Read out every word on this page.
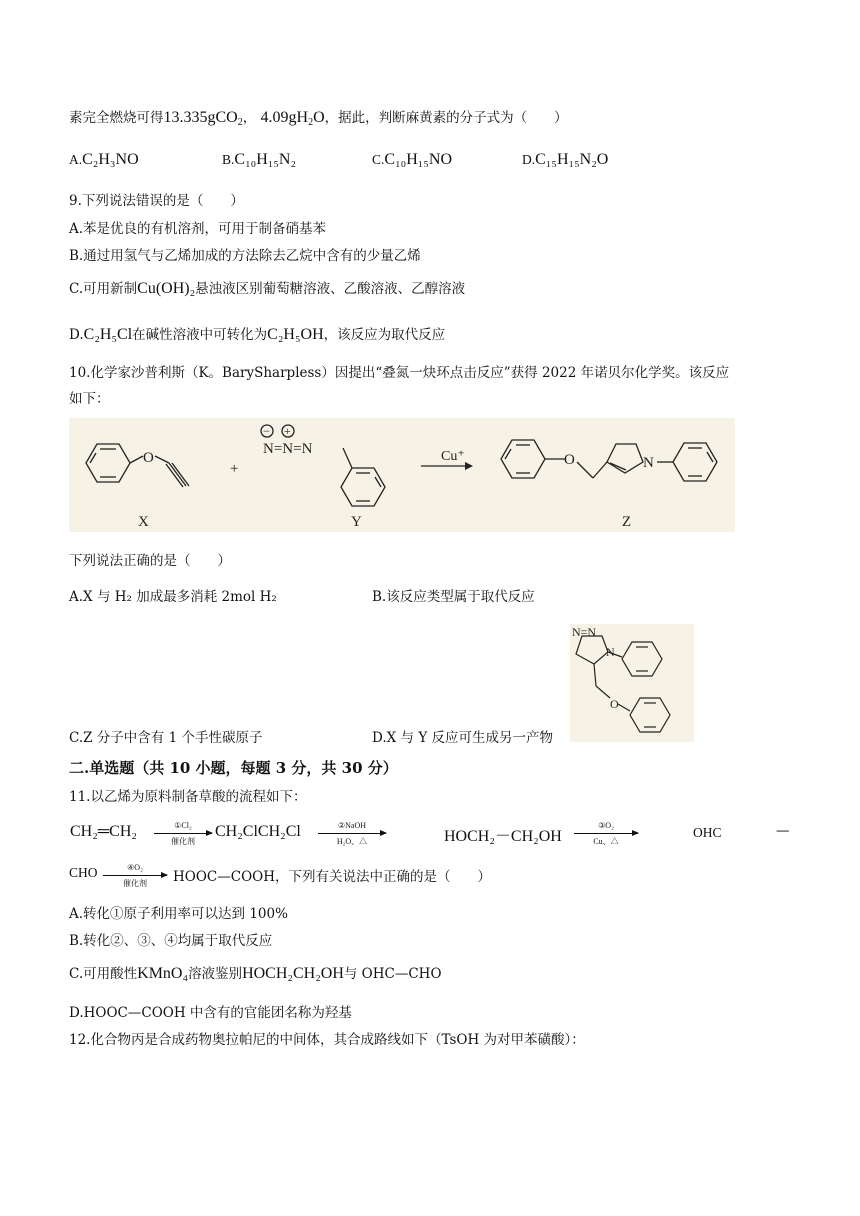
素完全燃烧可得13.335gCO$_2$， $4.09gH_2O$，据此，判断麻黄素的分子式为（　　）
A.C₂H₃NO	B.C₁₀H₁₅N₂	C.C₁₀H₁₅NO	D.C₁₅H₁₅N₂O
9.下列说法错误的是（　　）
A.苯是优良的有机溶剂，可用于制备硝基苯
B.通过用氢气与乙烯加成的方法除去乙烷中含有的少量乙烯
C.可用新制Cu(OH)₂悬浊液区别葡萄糖溶液、乙酸溶液、乙醇溶液
D.C₂H₅Cl在碱性溶液中可转化为C₂H₅OH，该反应为取代反应
10.化学家沙普利斯（K。BarySharpless）因提出“叠氮一炔环点击反应”获得 2022 年诺贝尔化学奖。该反应
如下：
O
+
N=N=N
O	N
Cu⁺
X	Y	Z
− +
下列说法正确的是（　　）
A.X 与 H₂ 加成最多消耗 2mol H₂	B.该反应类型属于取代反应
N=N
N
O
C.Z 分子中含有 1 个手性碳原子	D.X 与 Y 反应可生成另一产物
二.单选题（共 10 小题，每题 3 分，共 30 分）
11.以乙烯为原料制备草酸的流程如下：
CH₂═CH₂	①Cl₂
催化剂
CH₂ClCH₂Cl	②NaOH
H₂O、△	HOCH₂－CH₂OH
③O₂
Cu、△
OHC	—
CHO	④O₂
催化剂	HOOC—COOH，下列有关说法中正确的是（　　）
A.转化①原子利用率可以达到 100%
B.转化②、③、④均属于取代反应
C.可用酸性KMnO₄溶液鉴别HOCH₂CH₂OH与 OHC—CHO
D.HOOC—COOH 中含有的官能团名称为羟基
12.化合物丙是合成药物奥拉帕尼的中间体，其合成路线如下（TsOH 为对甲苯磺酸）：
